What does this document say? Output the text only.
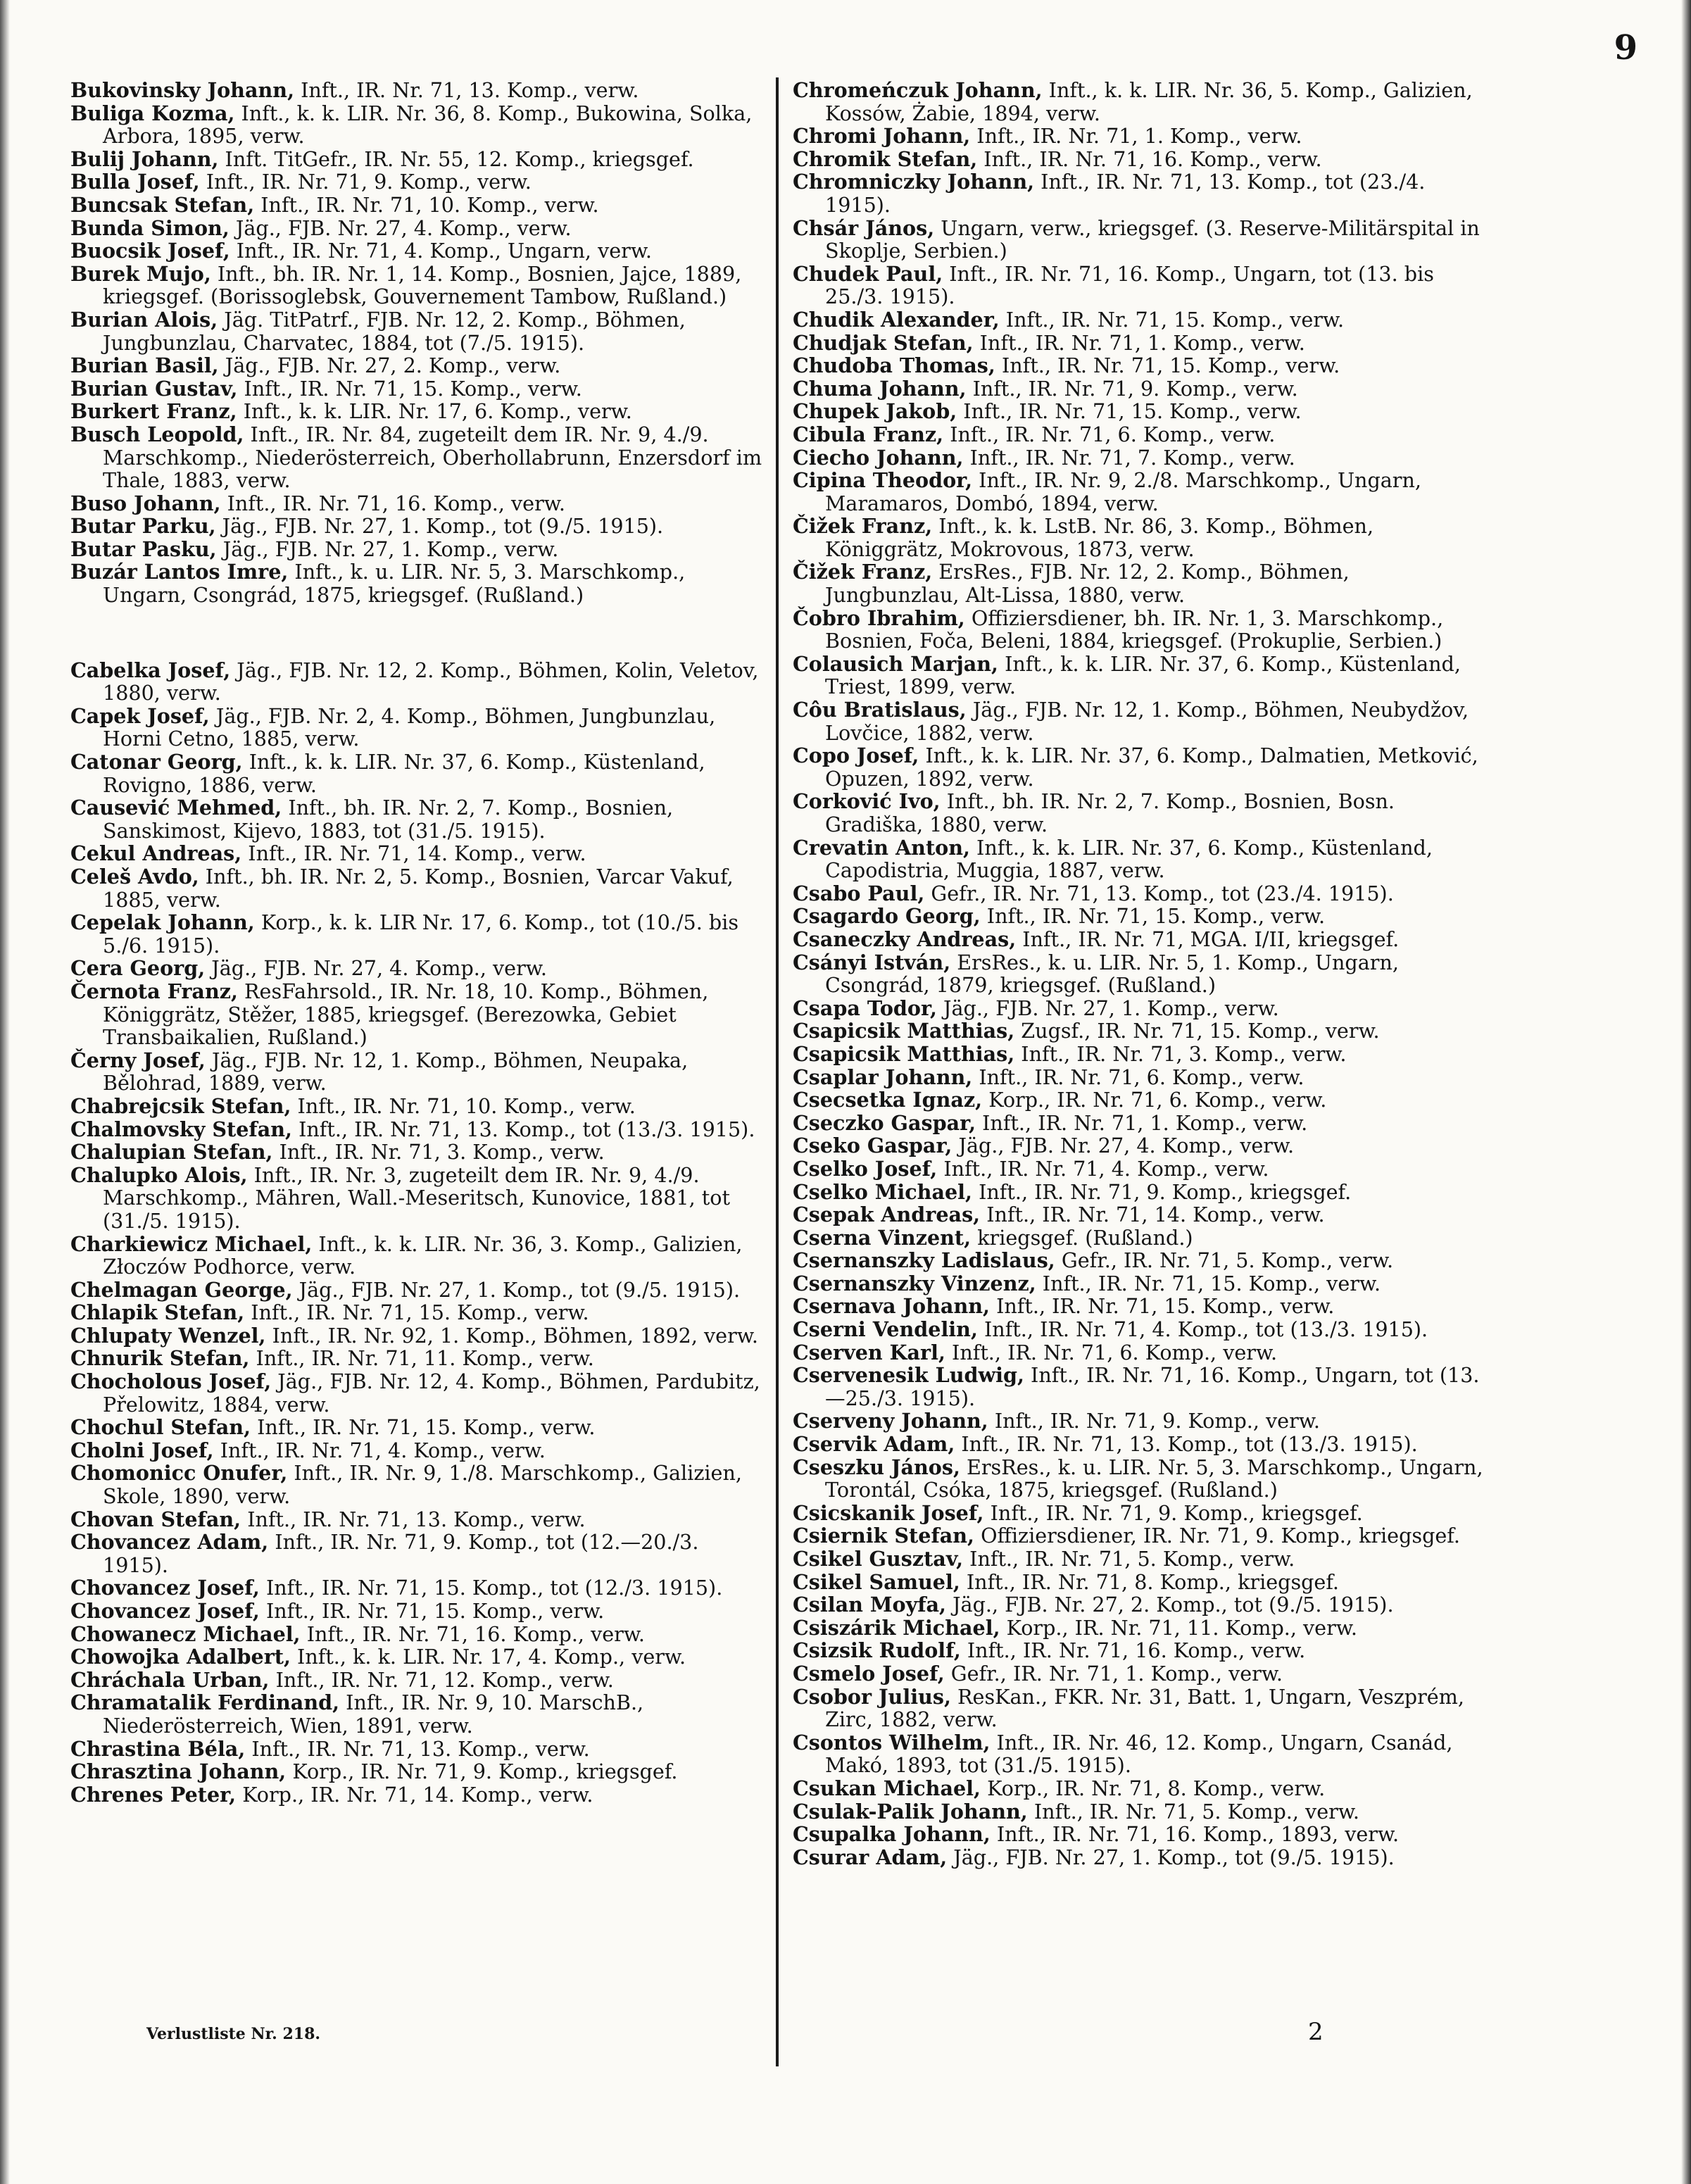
9

Bukovinsky Johann, Inft., IR. Nr. 71, 13. Komp., verw.

Buliga Kozma, Inft., k. k. LIR. Nr. 36, 8. Komp., Bukowina, Solka, Arbora, 1895, verw.

Bulij Johann, Inft. TitGefr., IR. Nr. 55, 12. Komp., kriegsgef.

Bulla Josef, Inft., IR. Nr. 71, 9. Komp., verw.

Buncsak Stefan, Inft., IR. Nr. 71, 10. Komp., verw.

Bunda Simon, Jäg., FJB. Nr. 27, 4. Komp., verw.

Buocsik Josef, Inft., IR. Nr. 71, 4. Komp., Ungarn, verw.

Burek Mujo, Inft., bh. IR. Nr. 1, 14. Komp., Bosnien, Jajce, 1889, kriegsgef. (Borissoglebsk, Gouvernement Tambow, Rußland.)

Burian Alois, Jäg. TitPatrf., FJB. Nr. 12, 2. Komp., Böhmen, Jungbunzlau, Charvatec, 1884, tot (7./5. 1915).

Burian Basil, Jäg., FJB. Nr. 27, 2. Komp., verw.

Burian Gustav, Inft., IR. Nr. 71, 15. Komp., verw.

Burkert Franz, Inft., k. k. LIR. Nr. 17, 6. Komp., verw.

Busch Leopold, Inft., IR. Nr. 84, zugeteilt dem IR. Nr. 9, 4./9. Marschkomp., Niederösterreich, Oberhollabrunn, Enzersdorf im Thale, 1883, verw.

Buso Johann, Inft., IR. Nr. 71, 16. Komp., verw.

Butar Parku, Jäg., FJB. Nr. 27, 1. Komp., tot (9./5. 1915).

Butar Pasku, Jäg., FJB. Nr. 27, 1. Komp., verw.

Buzár Lantos Imre, Inft., k. u. LIR. Nr. 5, 3. Marschkomp., Ungarn, Csongrád, 1875, kriegsgef. (Rußland.)

Cabelka Josef, Jäg., FJB. Nr. 12, 2. Komp., Böhmen, Kolin, Veletov, 1880, verw.

Capek Josef, Jäg., FJB. Nr. 2, 4. Komp., Böhmen, Jungbunzlau, Horni Cetno, 1885, verw.

Catonar Georg, Inft., k. k. LIR. Nr. 37, 6. Komp., Küstenland, Rovigno, 1886, verw.

Causević Mehmed, Inft., bh. IR. Nr. 2, 7. Komp., Bosnien, Sanskimost, Kijevo, 1883, tot (31./5. 1915).

Cekul Andreas, Inft., IR. Nr. 71, 14. Komp., verw.

Celeš Avdo, Inft., bh. IR. Nr. 2, 5. Komp., Bosnien, Varcar Vakuf, 1885, verw.

Cepelak Johann, Korp., k. k. LIR Nr. 17, 6. Komp., tot (10./5. bis 5./6. 1915).

Cera Georg, Jäg., FJB. Nr. 27, 4. Komp., verw.

Černota Franz, ResFahrsold., IR. Nr. 18, 10. Komp., Böhmen, Königgrätz, Stěžer, 1885, kriegsgef. (Berezowka, Gebiet Transbaikalien, Rußland.)

Černy Josef, Jäg., FJB. Nr. 12, 1. Komp., Böhmen, Neupaka, Bělohrad, 1889, verw.

Chabrejcsik Stefan, Inft., IR. Nr. 71, 10. Komp., verw.

Chalmovsky Stefan, Inft., IR. Nr. 71, 13. Komp., tot (13./3. 1915).

Chalupian Stefan, Inft., IR. Nr. 71, 3. Komp., verw.

Chalupko Alois, Inft., IR. Nr. 3, zugeteilt dem IR. Nr. 9, 4./9. Marschkomp., Mähren, Wall.-Meseritsch, Kunovice, 1881, tot (31./5. 1915).

Charkiewicz Michael, Inft., k. k. LIR. Nr. 36, 3. Komp., Galizien, Złoczów Podhorce, verw.

Chelmagan George, Jäg., FJB. Nr. 27, 1. Komp., tot (9./5. 1915).

Chlapik Stefan, Inft., IR. Nr. 71, 15. Komp., verw.

Chlupaty Wenzel, Inft., IR. Nr. 92, 1. Komp., Böhmen, 1892, verw.

Chnurik Stefan, Inft., IR. Nr. 71, 11. Komp., verw.

Chocholous Josef, Jäg., FJB. Nr. 12, 4. Komp., Böhmen, Pardubitz, Přelowitz, 1884, verw.

Chochul Stefan, Inft., IR. Nr. 71, 15. Komp., verw.

Cholni Josef, Inft., IR. Nr. 71, 4. Komp., verw.

Chomonicc Onufer, Inft., IR. Nr. 9, 1./8. Marschkomp., Galizien, Skole, 1890, verw.

Chovan Stefan, Inft., IR. Nr. 71, 13. Komp., verw.

Chovancez Adam, Inft., IR. Nr. 71, 9. Komp., tot (12.—20./3. 1915).

Chovancez Josef, Inft., IR. Nr. 71, 15. Komp., tot (12./3. 1915).

Chovancez Josef, Inft., IR. Nr. 71, 15. Komp., verw.

Chowanecz Michael, Inft., IR. Nr. 71, 16. Komp., verw.

Chowojka Adalbert, Inft., k. k. LIR. Nr. 17, 4. Komp., verw.

Chráchala Urban, Inft., IR. Nr. 71, 12. Komp., verw.

Chramatalik Ferdinand, Inft., IR. Nr. 9, 10. MarschB., Niederösterreich, Wien, 1891, verw.

Chrastina Béla, Inft., IR. Nr. 71, 13. Komp., verw.

Chrasztina Johann, Korp., IR. Nr. 71, 9. Komp., kriegsgef.

Chrenes Peter, Korp., IR. Nr. 71, 14. Komp., verw.

Chromeńczuk Johann, Inft., k. k. LIR. Nr. 36, 5. Komp., Galizien, Kossów, Żabie, 1894, verw.

Chromi Johann, Inft., IR. Nr. 71, 1. Komp., verw.

Chromik Stefan, Inft., IR. Nr. 71, 16. Komp., verw.

Chromniczky Johann, Inft., IR. Nr. 71, 13. Komp., tot (23./4. 1915).

Chsár János, Ungarn, verw., kriegsgef. (3. Reserve-Militärspital in Skoplje, Serbien.)

Chudek Paul, Inft., IR. Nr. 71, 16. Komp., Ungarn, tot (13. bis 25./3. 1915).

Chudik Alexander, Inft., IR. Nr. 71, 15. Komp., verw.

Chudjak Stefan, Inft., IR. Nr. 71, 1. Komp., verw.

Chudoba Thomas, Inft., IR. Nr. 71, 15. Komp., verw.

Chuma Johann, Inft., IR. Nr. 71, 9. Komp., verw.

Chupek Jakob, Inft., IR. Nr. 71, 15. Komp., verw.

Cibula Franz, Inft., IR. Nr. 71, 6. Komp., verw.

Ciecho Johann, Inft., IR. Nr. 71, 7. Komp., verw.

Cipina Theodor, Inft., IR. Nr. 9, 2./8. Marschkomp., Ungarn, Maramaros, Dombó, 1894, verw.

Čižek Franz, Inft., k. k. LstB. Nr. 86, 3. Komp., Böhmen, Königgrätz, Mokrovous, 1873, verw.

Čižek Franz, ErsRes., FJB. Nr. 12, 2. Komp., Böhmen, Jungbunzlau, Alt-Lissa, 1880, verw.

Čobro Ibrahim, Offiziersdiener, bh. IR. Nr. 1, 3. Marschkomp., Bosnien, Foča, Beleni, 1884, kriegsgef. (Prokuplie, Serbien.)

Colausich Marjan, Inft., k. k. LIR. Nr. 37, 6. Komp., Küstenland, Triest, 1899, verw.

Côu Bratislaus, Jäg., FJB. Nr. 12, 1. Komp., Böhmen, Neubydžov, Lovčice, 1882, verw.

Copo Josef, Inft., k. k. LIR. Nr. 37, 6. Komp., Dalmatien, Metković, Opuzen, 1892, verw.

Corković Ivo, Inft., bh. IR. Nr. 2, 7. Komp., Bosnien, Bosn. Gradiška, 1880, verw.

Crevatin Anton, Inft., k. k. LIR. Nr. 37, 6. Komp., Küstenland, Capodistria, Muggia, 1887, verw.

Csabo Paul, Gefr., IR. Nr. 71, 13. Komp., tot (23./4. 1915).

Csagardo Georg, Inft., IR. Nr. 71, 15. Komp., verw.

Csaneczky Andreas, Inft., IR. Nr. 71, MGA. I/II, kriegsgef.

Csányi István, ErsRes., k. u. LIR. Nr. 5, 1. Komp., Ungarn, Csongrád, 1879, kriegsgef. (Rußland.)

Csapa Todor, Jäg., FJB. Nr. 27, 1. Komp., verw.

Csapicsik Matthias, Zugsf., IR. Nr. 71, 15. Komp., verw.

Csapicsik Matthias, Inft., IR. Nr. 71, 3. Komp., verw.

Csaplar Johann, Inft., IR. Nr. 71, 6. Komp., verw.

Csecsetka Ignaz, Korp., IR. Nr. 71, 6. Komp., verw.

Cseczko Gaspar, Inft., IR. Nr. 71, 1. Komp., verw.

Cseko Gaspar, Jäg., FJB. Nr. 27, 4. Komp., verw.

Cselko Josef, Inft., IR. Nr. 71, 4. Komp., verw.

Cselko Michael, Inft., IR. Nr. 71, 9. Komp., kriegsgef.

Csepak Andreas, Inft., IR. Nr. 71, 14. Komp., verw.

Cserna Vinzent, kriegsgef. (Rußland.)

Csernanszky Ladislaus, Gefr., IR. Nr. 71, 5. Komp., verw.

Csernanszky Vinzenz, Inft., IR. Nr. 71, 15. Komp., verw.

Csernava Johann, Inft., IR. Nr. 71, 15. Komp., verw.

Cserni Vendelin, Inft., IR. Nr. 71, 4. Komp., tot (13./3. 1915).

Cserven Karl, Inft., IR. Nr. 71, 6. Komp., verw.

Cservenesik Ludwig, Inft., IR. Nr. 71, 16. Komp., Ungarn, tot (13.—25./3. 1915).

Cserveny Johann, Inft., IR. Nr. 71, 9. Komp., verw.

Cservik Adam, Inft., IR. Nr. 71, 13. Komp., tot (13./3. 1915).

Cseszku János, ErsRes., k. u. LIR. Nr. 5, 3. Marschkomp., Ungarn, Torontál, Csóka, 1875, kriegsgef. (Rußland.)

Csicskanik Josef, Inft., IR. Nr. 71, 9. Komp., kriegsgef.

Csiernik Stefan, Offiziersdiener, IR. Nr. 71, 9. Komp., kriegsgef.

Csikel Gusztav, Inft., IR. Nr. 71, 5. Komp., verw.

Csikel Samuel, Inft., IR. Nr. 71, 8. Komp., kriegsgef.

Csilan Moyfa, Jäg., FJB. Nr. 27, 2. Komp., tot (9./5. 1915).

Csiszárik Michael, Korp., IR. Nr. 71, 11. Komp., verw.

Csizsik Rudolf, Inft., IR. Nr. 71, 16. Komp., verw.

Csmelo Josef, Gefr., IR. Nr. 71, 1. Komp., verw.

Csobor Julius, ResKan., FKR. Nr. 31, Batt. 1, Ungarn, Veszprém, Zirc, 1882, verw.

Csontos Wilhelm, Inft., IR. Nr. 46, 12. Komp., Ungarn, Csanád, Makó, 1893, tot (31./5. 1915).

Csukan Michael, Korp., IR. Nr. 71, 8. Komp., verw.

Csulak-Palik Johann, Inft., IR. Nr. 71, 5. Komp., verw.

Csupalka Johann, Inft., IR. Nr. 71, 16. Komp., 1893, verw.

Csurar Adam, Jäg., FJB. Nr. 27, 1. Komp., tot (9./5. 1915).

Verlustliste Nr. 218.	2
